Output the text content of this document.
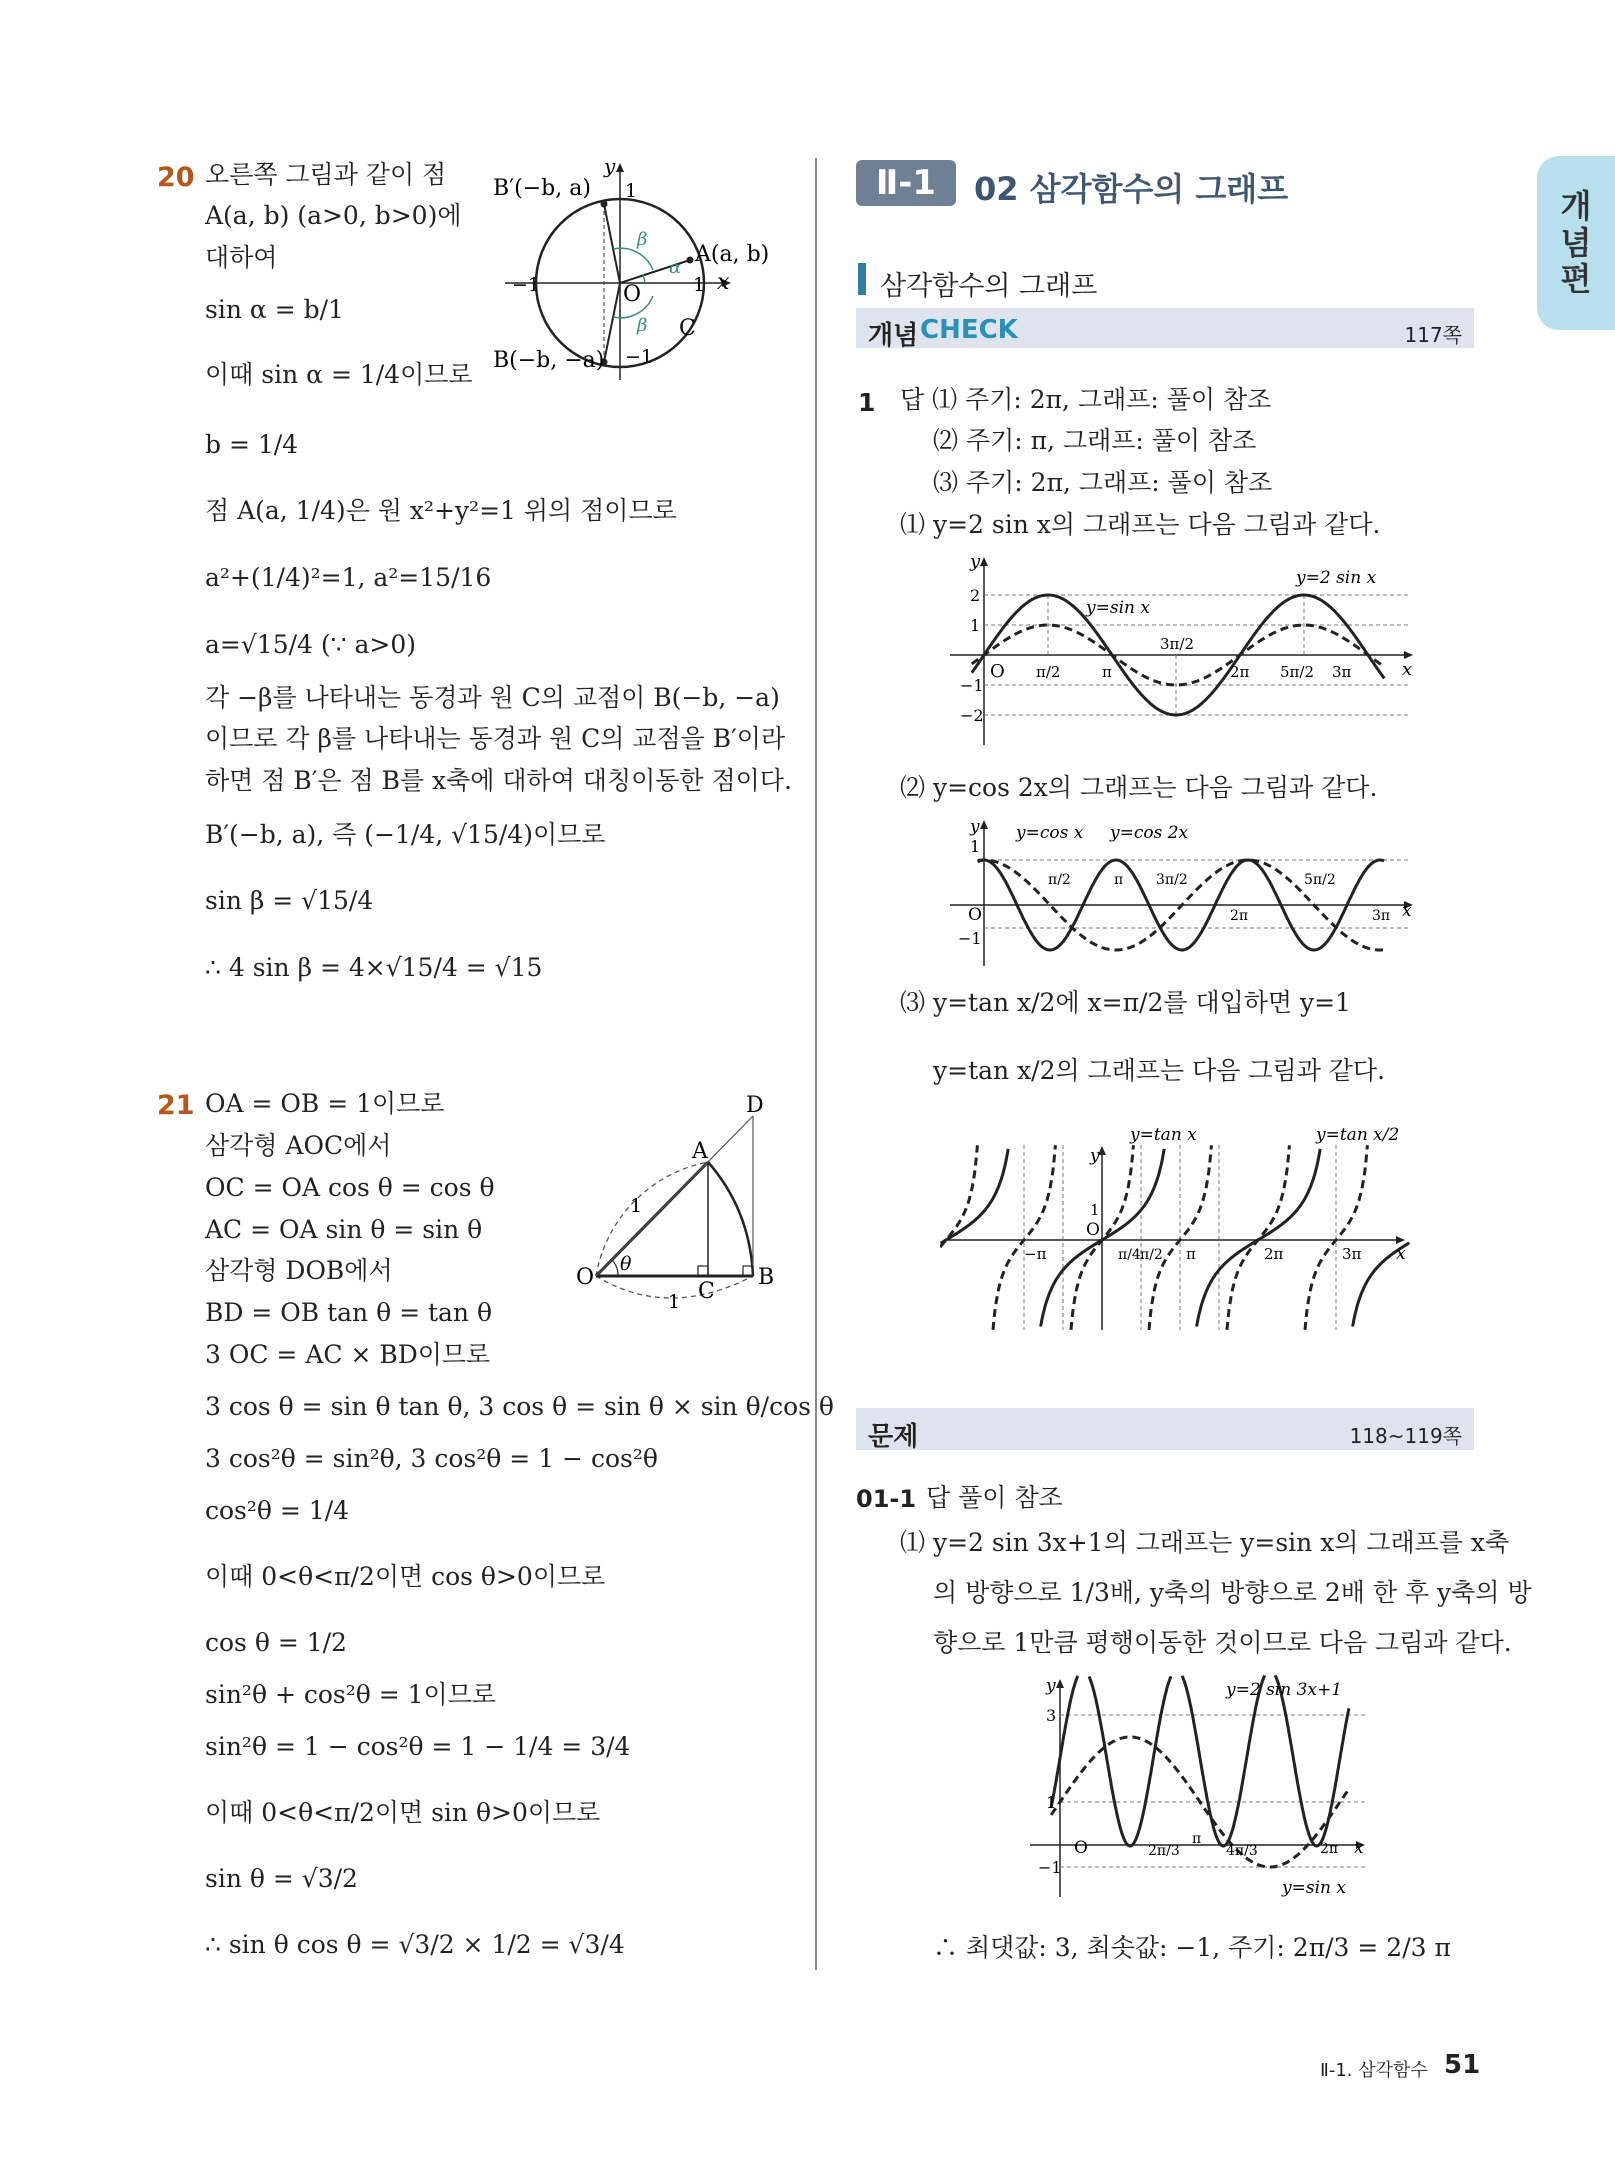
개
념
편
Ⅱ-1	02 삼각함수의 그래프
삼각함수의 그래프
개념 CHECK	117쪽
20 오른쪽 그림과 같이 점
A(a, b) (a>0, b>0)에
대하여
sin α = b/1
이때 sin α = 1/4이므로
b = 1/4
점 A(a, 1/4)은 원 x²+y²=1 위의 점이므로
a²+(1/4)²=1, a²=15/16
a=√15/4 (∵ a>0)
각 −β를 나타내는 동경과 원 C의 교점이 B(−b, −a)
이므로 각 β를 나타내는 동경과 원 C의 교점을 B′이라
하면 점 B′은 점 B를 x축에 대하여 대칭이동한 점이다.
B′(−b, a), 즉 (−1/4, √15/4)이므로
sin β = √15/4
∴ 4 sin β = 4×√15/4 = √15
B′(−b, a)
B(−b, −a)
A(a, b)
C
O	x
y
1
1
−1
−1
α
β
β
21 OA = OB = 1이므로
삼각형 AOC에서
OC = OA cos θ = cos θ
AC = OA sin θ = sin θ
삼각형 DOB에서
BD = OB tan θ = tan θ
3 OC = AC × BD이므로
3 cos θ = sin θ tan θ, 3 cos θ = sin θ × sin θ/cos θ
3 cos²θ = sin²θ, 3 cos²θ = 1 − cos²θ
cos²θ = 1/4
이때 0<θ<π/2이면 cos θ>0이므로
cos θ = 1/2
sin²θ + cos²θ = 1이므로
sin²θ = 1 − cos²θ = 1 − 1/4 = 3/4
이때 0<θ<π/2이면 sin θ>0이므로
sin θ = √3/2
∴ sin θ cos θ = √3/2 × 1/2 = √3/4
D
A
O	B
C
1
1
θ
1 답 ⑴ 주기: 2π, 그래프: 풀이 참조
⑵ 주기: π, 그래프: 풀이 참조
⑶ 주기: 2π, 그래프: 풀이 참조
⑴ y=2 sin x의 그래프는 다음 그림과 같다.
y
x
O
2
1
−1
−2
π/2	π
3π/2
2π 5π/2 3π
y=2 sin x
y=sin x
⑵ y=cos 2x의 그래프는 다음 그림과 같다.
y
x
O
1
−1
π/2	π 3π/2
2π
5π/2
3π
y=cos x y=cos 2x
⑶ y=tan x/2에 x=π/2를 대입하면 y=1
y=tan x/2의 그래프는 다음 그림과 같다.
y
x
O
1
−π	π/4 π/2 π	2π	3π
y=tan x	y=tan x/2
문제	118~119쪽
01-1 답 풀이 참조
⑴ y=2 sin 3x+1의 그래프는 y=sin x의 그래프를 x축
의 방향으로 1/3배, y축의 방향으로 2배 한 후 y축의 방
향으로 1만큼 평행이동한 것이므로 다음 그림과 같다.
y
x
O
3
1
−1
2π/3
π
4π/3	2π
y=2 sin 3x+1
y=sin x
∴ 최댓값: 3, 최솟값: −1, 주기: 2π/3 = 2/3 π
Ⅱ-1. 삼각함수 51
